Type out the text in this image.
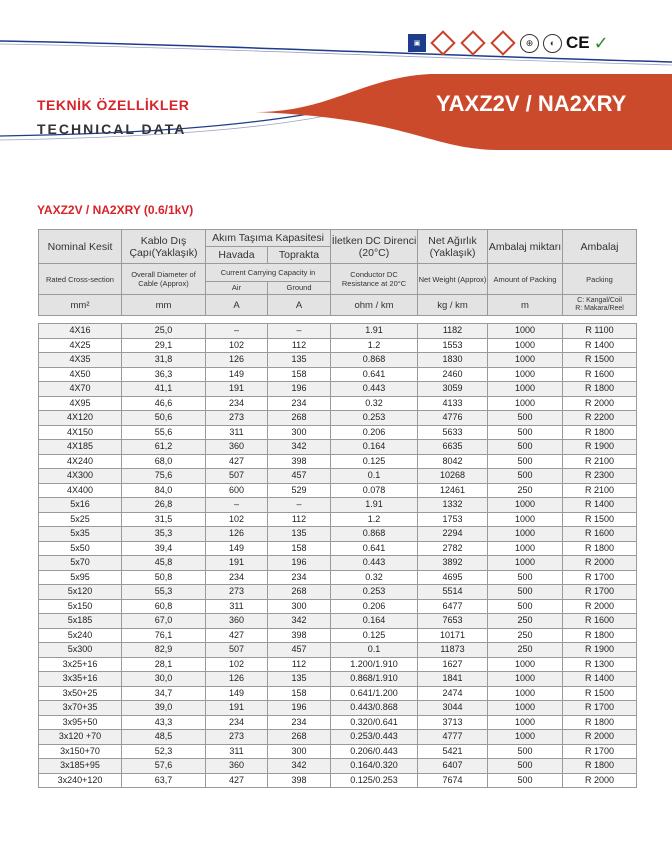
▣	⊕	◐ CE ✓
TEKNİK ÖZELLİKLER
TECHNICAL DATA
YAXZ2V / NA2XRY
YAXZ2V / NA2XRY (0.6/1kV)
Nominal Kesit	Kablo Dış Çapı(Yaklaşık)	Akım Taşıma Kapasitesi		İletken DC Direnci (20°C)	Net Ağırlık (Yaklaşık)	Ambalaj miktarı	Ambalaj
		Havada	Toprakta				
Rated Cross-section	Overall Diameter of Cable (Approx)	Current Carrying Capacity in		Conductor DC Resistance at 20°C	Net Weight (Approx)	Amount of Packing	Packing
		Air	Ground				
mm²	mm	A	A	ohm / km	kg / km	m	C: Kangal/Coil
R: Makara/Reel

4X16	25,0	–	–	1.91	1182	1000	R 1100
4X25	29,1	102	112	1.2	1553	1000	R 1400
4X35	31,8	126	135	0.868	1830	1000	R 1500
4X50	36,3	149	158	0.641	2460	1000	R 1600
4X70	41,1	191	196	0.443	3059	1000	R 1800
4X95	46,6	234	234	0.32	4133	1000	R 2000
4X120	50,6	273	268	0.253	4776	500	R 2200
4X150	55,6	311	300	0.206	5633	500	R 1800
4X185	61,2	360	342	0.164	6635	500	R 1900
4X240	68,0	427	398	0.125	8042	500	R 2100
4X300	75,6	507	457	0.1	10268	500	R 2300
4X400	84,0	600	529	0.078	12461	250	R 2100
5x16	26,8	–	–	1.91	1332	1000	R 1400
5x25	31,5	102	112	1.2	1753	1000	R 1500
5x35	35,3	126	135	0.868	2294	1000	R 1600
5x50	39,4	149	158	0.641	2782	1000	R 1800
5x70	45,8	191	196	0.443	3892	1000	R 2000
5x95	50,8	234	234	0.32	4695	500	R 1700
5x120	55,3	273	268	0.253	5514	500	R 1700
5x150	60,8	311	300	0.206	6477	500	R 2000
5x185	67,0	360	342	0.164	7653	250	R 1600
5x240	76,1	427	398	0.125	10171	250	R 1800
5x300	82,9	507	457	0.1	11873	250	R 1900
3x25+16	28,1	102	112	1.200/1.910	1627	1000	R 1300
3x35+16	30,0	126	135	0.868/1.910	1841	1000	R 1400
3x50+25	34,7	149	158	0.641/1.200	2474	1000	R 1500
3x70+35	39,0	191	196	0.443/0.868	3044	1000	R 1700
3x95+50	43,3	234	234	0.320/0.641	3713	1000	R 1800
3x120 +70	48,5	273	268	0.253/0.443	4777	1000	R 2000
3x150+70	52,3	311	300	0.206/0.443	5421	500	R 1700
3x185+95	57,6	360	342	0.164/0.320	6407	500	R 1800
3x240+120	63,7	427	398	0.125/0.253	7674	500	R 2000
